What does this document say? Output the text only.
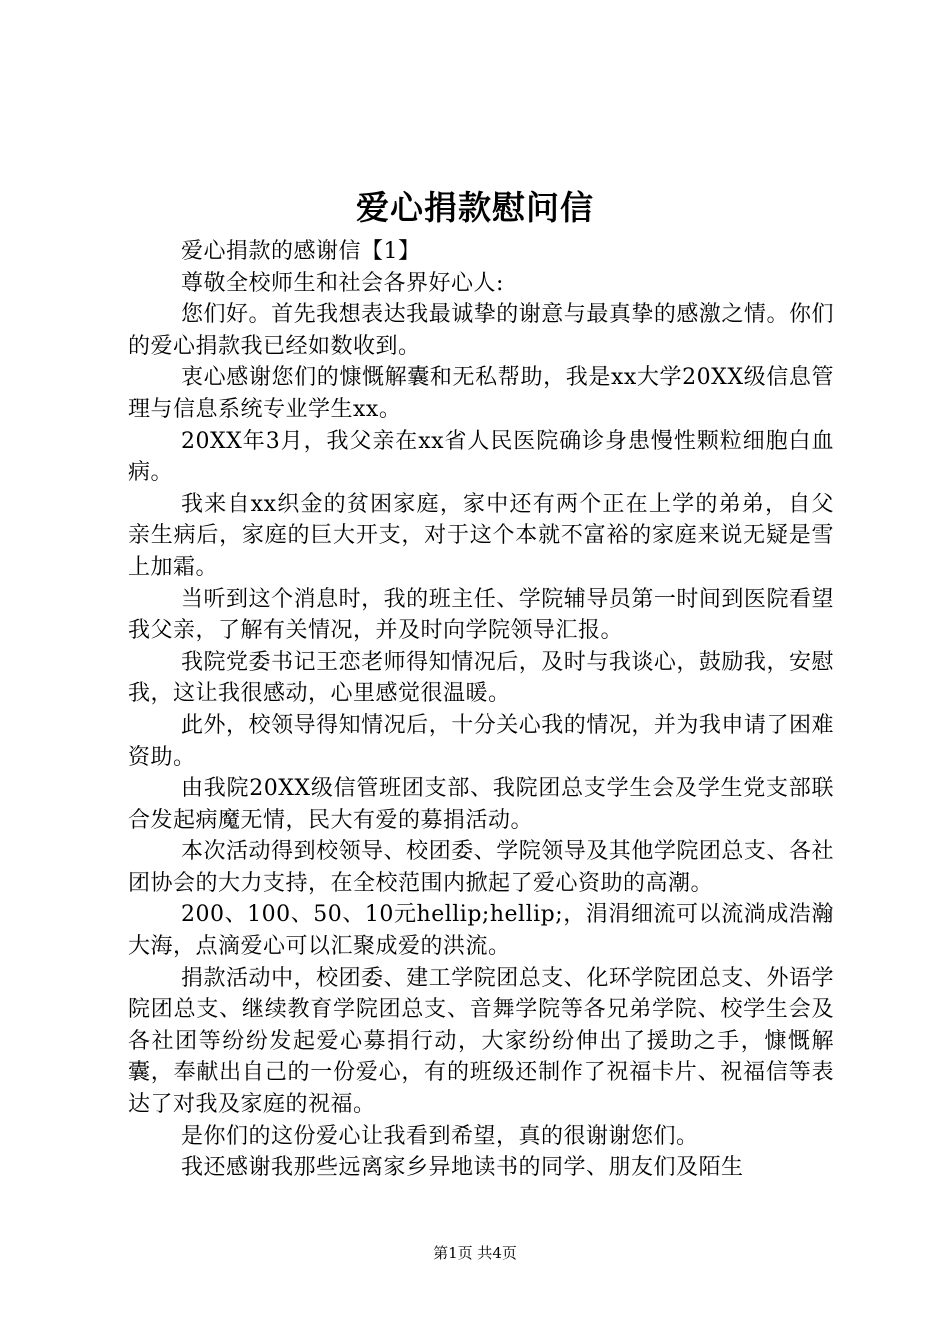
爱心捐款慰问信

爱心捐款的感谢信【1】

尊敬全校师生和社会各界好心人:

您们好。首先我想表达我最诚挚的谢意与最真挚的感激之情。你们的爱心捐款我已经如数收到。

衷心感谢您们的慷慨解囊和无私帮助，我是xx大学20XX级信息管理与信息系统专业学生xx。

20XX年3月，我父亲在xx省人民医院确诊身患慢性颗粒细胞白血病。

我来自xx织金的贫困家庭，家中还有两个正在上学的弟弟，自父亲生病后，家庭的巨大开支，对于这个本就不富裕的家庭来说无疑是雪上加霜。

当听到这个消息时，我的班主任、学院辅导员第一时间到医院看望我父亲，了解有关情况，并及时向学院领导汇报。

我院党委书记王恋老师得知情况后，及时与我谈心，鼓励我，安慰我，这让我很感动，心里感觉很温暖。

此外，校领导得知情况后，十分关心我的情况，并为我申请了困难资助。

由我院20XX级信管班团支部、我院团总支学生会及学生党支部联合发起病魔无情，民大有爱的募捐活动。

本次活动得到校领导、校团委、学院领导及其他学院团总支、各社团协会的大力支持，在全校范围内掀起了爱心资助的高潮。

200、100、50、10元hellip;hellip;，涓涓细流可以流淌成浩瀚大海，点滴爱心可以汇聚成爱的洪流。

捐款活动中，校团委、建工学院团总支、化环学院团总支、外语学院团总支、继续教育学院团总支、音舞学院等各兄弟学院、校学生会及各社团等纷纷发起爱心募捐行动，大家纷纷伸出了援助之手，慷慨解囊，奉献出自己的一份爱心，有的班级还制作了祝福卡片、祝福信等表达了对我及家庭的祝福。

是你们的这份爱心让我看到希望，真的很谢谢您们。

我还感谢我那些远离家乡异地读书的同学、朋友们及陌生

第1页 共4页
